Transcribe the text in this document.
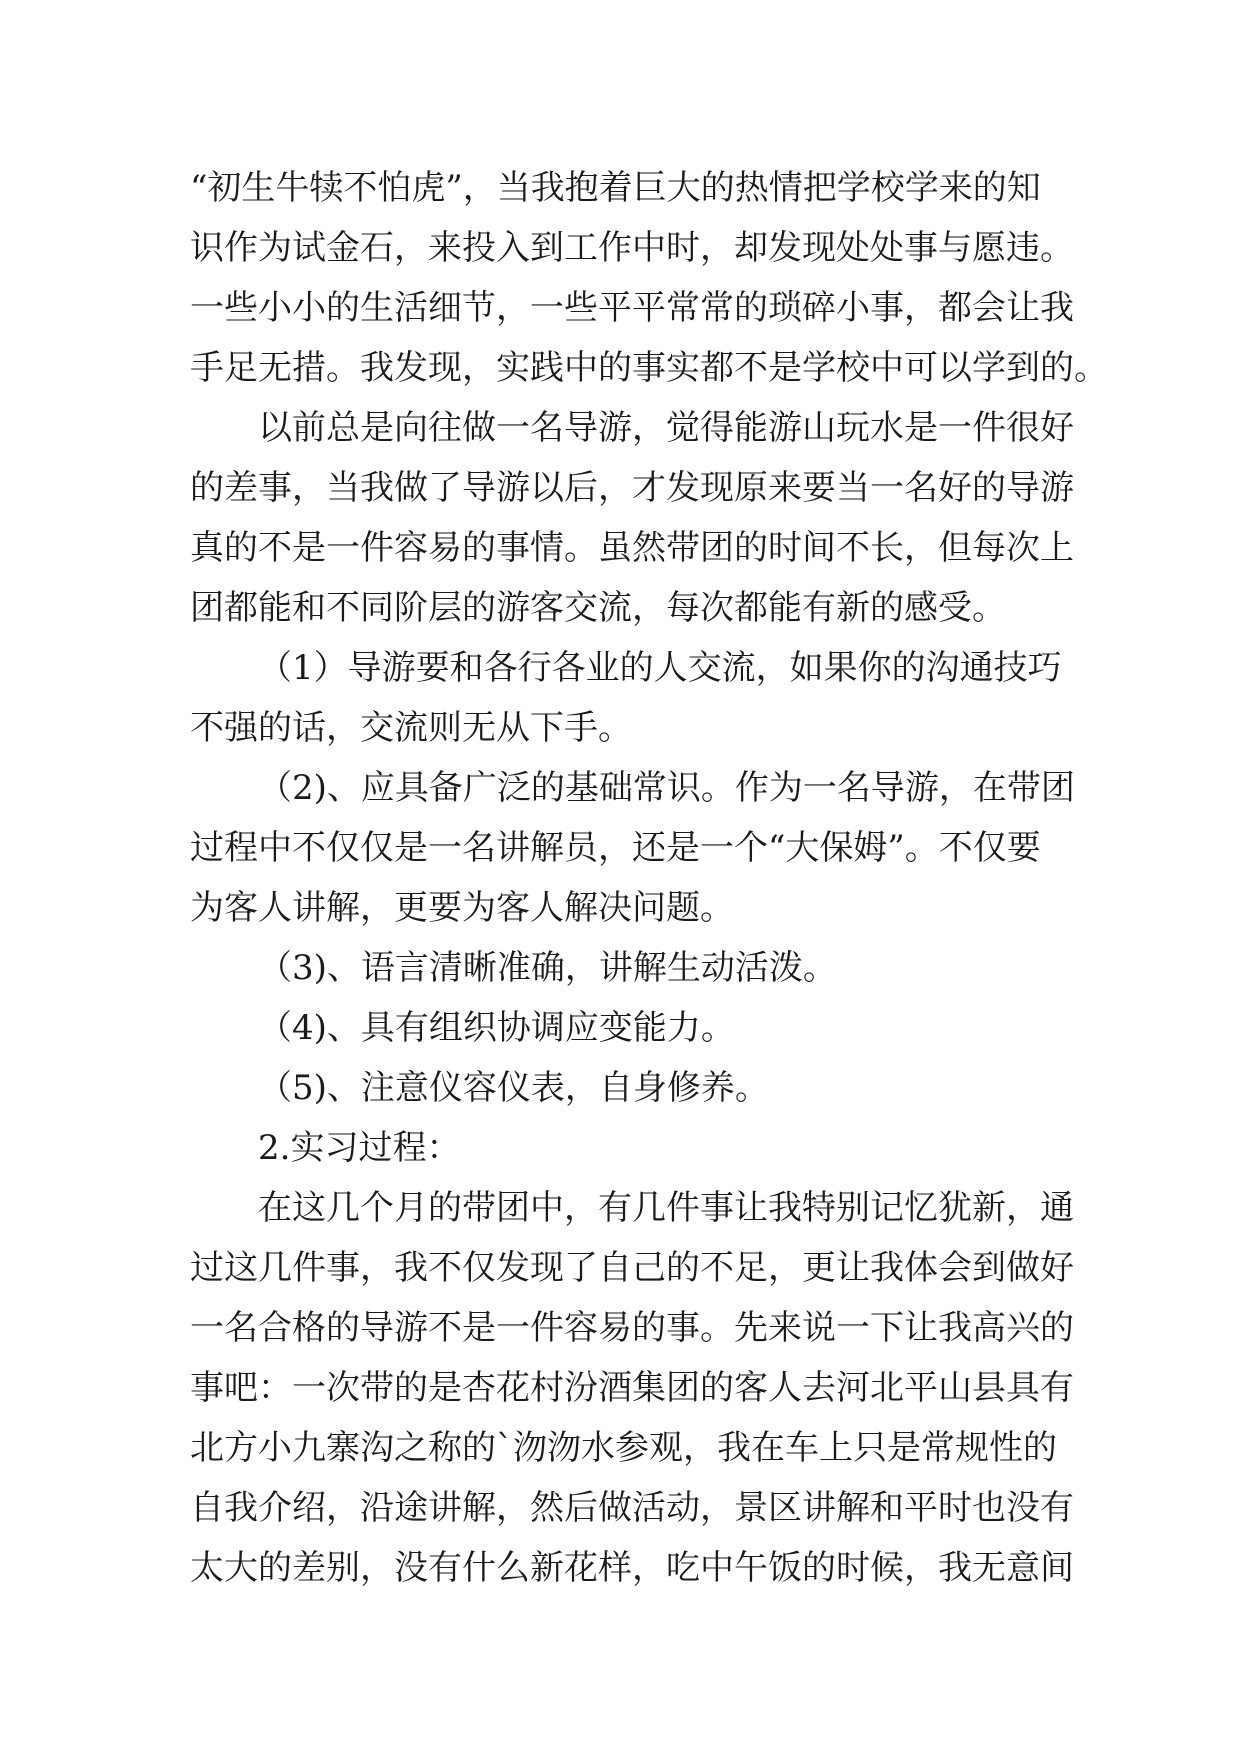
“初生牛犊不怕虎”，当我抱着巨大的热情把学校学来的知
识作为试金石，来投入到工作中时，却发现处处事与愿违。
一些小小的生活细节，一些平平常常的琐碎小事，都会让我
手足无措。我发现，实践中的事实都不是学校中可以学到的。
以前总是向往做一名导游，觉得能游山玩水是一件很好
的差事，当我做了导游以后，才发现原来要当一名好的导游
真的不是一件容易的事情。虽然带团的时间不长，但每次上
团都能和不同阶层的游客交流，每次都能有新的感受。
（1）导游要和各行各业的人交流，如果你的沟通技巧
不强的话，交流则无从下手。
（2)、应具备广泛的基础常识。作为一名导游，在带团
过程中不仅仅是一名讲解员，还是一个“大保姆”。不仅要
为客人讲解，更要为客人解决问题。
（3)、语言清晰准确，讲解生动活泼。
（4)、具有组织协调应变能力。
（5)、注意仪容仪表，自身修养。
2.实习过程：
在这几个月的带团中，有几件事让我特别记忆犹新，通
过这几件事，我不仅发现了自己的不足，更让我体会到做好
一名合格的导游不是一件容易的事。先来说一下让我高兴的
事吧：一次带的是杏花村汾酒集团的客人去河北平山县具有
北方小九寨沟之称的`沕沕水参观，我在车上只是常规性的
自我介绍，沿途讲解，然后做活动，景区讲解和平时也没有
太大的差别，没有什么新花样，吃中午饭的时候，我无意间
